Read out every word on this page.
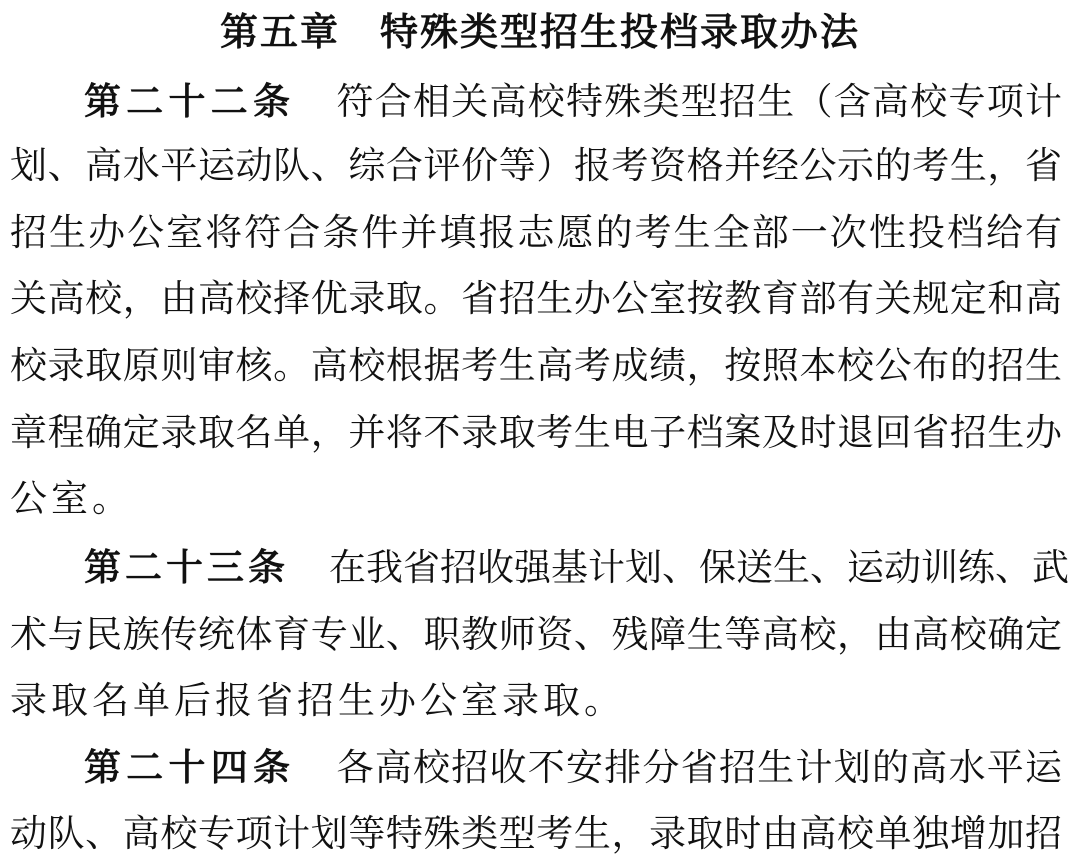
第五章　特殊类型招生投档录取办法
第二十二条 符合相关高校特殊类型招生（含高校专项计
划、高水平运动队、综合评价等）报考资格并经公示的考生，省
招生办公室将符合条件并填报志愿的考生全部一次性投档给有
关高校，由高校择优录取。省招生办公室按教育部有关规定和高
校录取原则审核。高校根据考生高考成绩，按照本校公布的招生
章程确定录取名单，并将不录取考生电子档案及时退回省招生办
公室。
第二十三条 在我省招收强基计划、保送生、运动训练、武
术与民族传统体育专业、职教师资、残障生等高校，由高校确定
录取名单后报省招生办公室录取。
第二十四条 各高校招收不安排分省招生计划的高水平运
动队、高校专项计划等特殊类型考生，录取时由高校单独增加招
